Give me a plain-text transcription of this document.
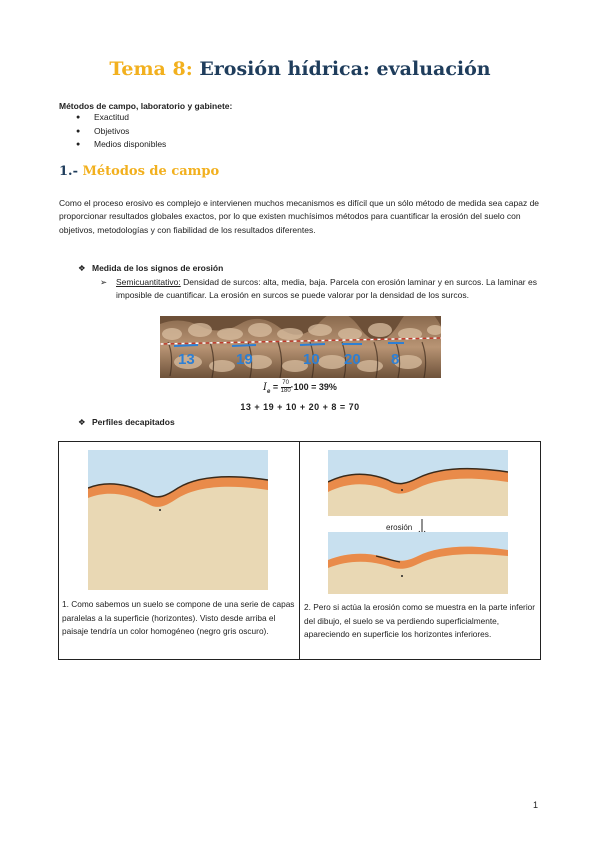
Tema 8: Erosión hídrica: evaluación
Métodos de campo, laboratorio y gabinete:
● Exactitud
● Objetivos
● Medios disponibles
1.- Métodos de campo

Como el proceso erosivo es complejo e intervienen muchos mecanismos es difícil que un sólo método de medida sea capaz de proporcionar resultados globales exactos, por lo que existen muchísimos métodos para cuantificar la erosión del suelo con objetivos, metodologías y con fiabilidad de los resultados diferentes.

❖ Medida de los signos de erosión

➢ Semicuantitativo: Densidad de surcos: alta, media, baja. Parcela con erosión laminar y en surcos. La laminar es imposible de cuantificar. La erosión en surcos se puede valorar por la densidad de los surcos.

13	19	10 20 8
$I_e = \frac{70}{180} \cdot 100 = 39\%$
13 + 19 + 10 + 20 + 8 = 70
❖ Perfiles decapitados
erosión

1. Como sabemos un suelo se compone de una serie de capas paralelas a la superficie (horizontes). Visto desde arriba el paisaje tendría un color homogéneo (negro gris oscuro).

2. Pero si actúa la erosión como se muestra en la parte inferior del dibujo, el suelo se va perdiendo superficialmente, apareciendo en superficie los horizontes inferiores.

1
